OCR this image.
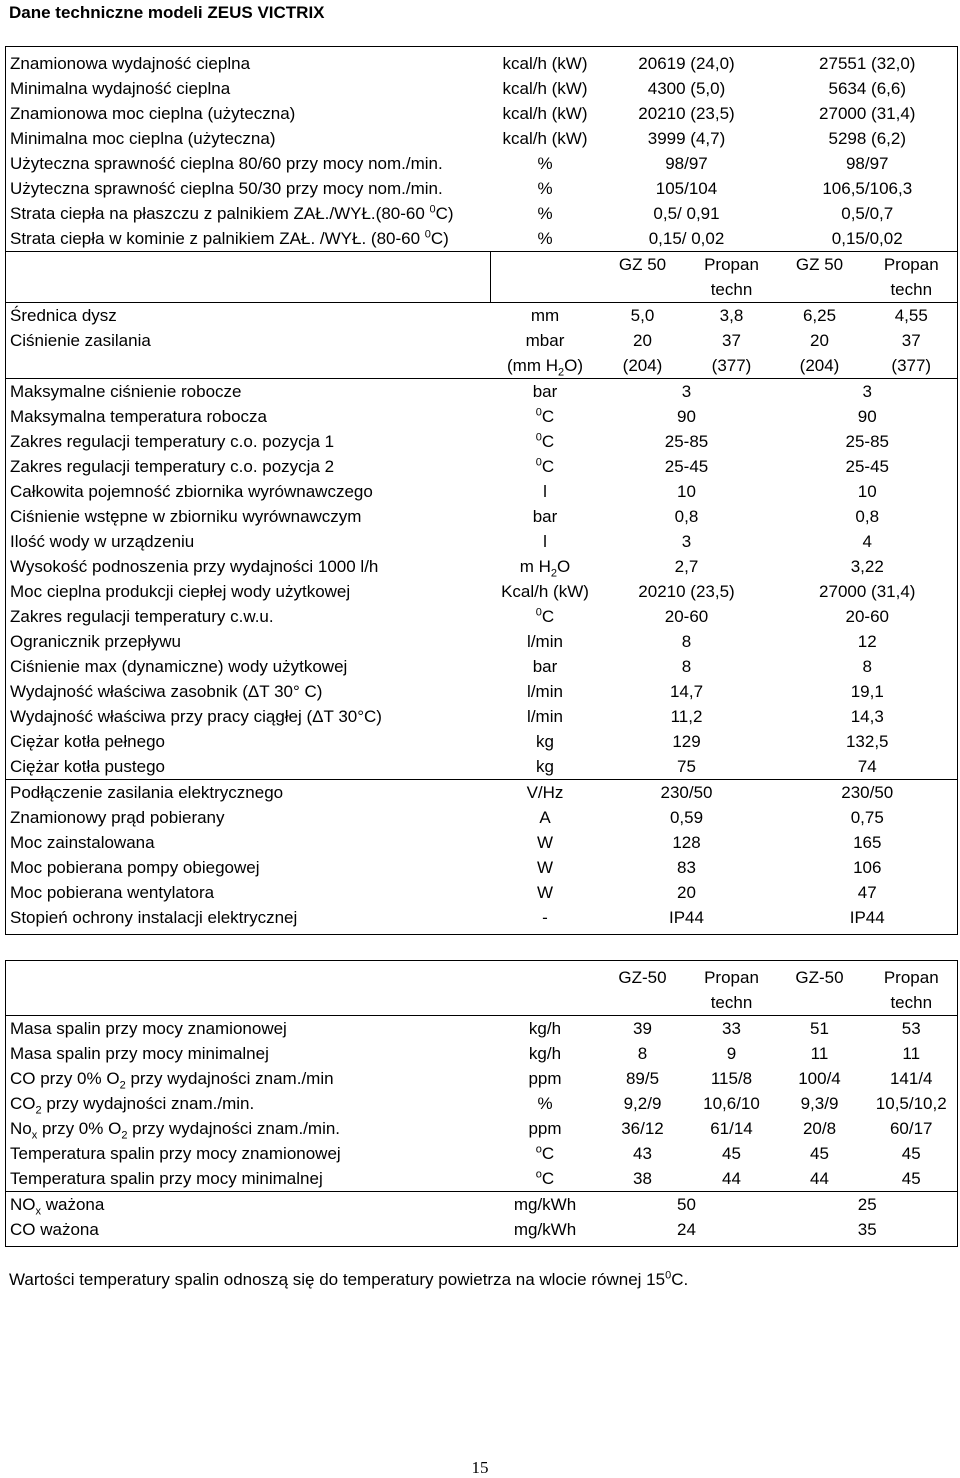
Dane techniczne modeli ZEUS VICTRIX
Znamionowa wydajność cieplna	kcal/h (kW)	20619 (24,0)		27551 (32,0)	
Minimalna wydajność cieplna	kcal/h (kW)	4300 (5,0)		5634 (6,6)	
Znamionowa moc cieplna (użyteczna)	kcal/h (kW)	20210 (23,5)		27000 (31,4)	
Minimalna moc cieplna (użyteczna)	kcal/h (kW)	3999 (4,7)		5298 (6,2)	
Użyteczna sprawność cieplna 80/60 przy mocy nom./min.	%	98/97		98/97	
Użyteczna sprawność cieplna 50/30 przy mocy nom./min.	%	105/104		106,5/106,3	
Strata ciepła na płaszczu z palnikiem ZAŁ./WYŁ.(80-60 $^0$C)	%	0,5/ 0,91		0,5/0,7	
Strata ciepła w kominie z palnikiem ZAŁ. /WYŁ. (80-60 $^0$C)	%	0,15/ 0,02		0,15/0,02	
		GZ 50	Propan	GZ 50	Propan
			techn		techn
Średnica dysz	mm	5,0	3,8	6,25	4,55
Ciśnienie zasilania	mbar	20	37	20	37
	(mm $H_2O$)	(204)	(377)	(204)	(377)
Maksymalne ciśnienie robocze	bar	3		3	
Maksymalna temperatura robocza	$^0$C	90		90	
Zakres regulacji temperatury c.o. pozycja 1	$^0$C	25-85		25-85	
Zakres regulacji temperatury c.o. pozycja 2	$^0$C	25-45		25-45	
Całkowita pojemność zbiornika wyrównawczego	l	10		10	
Ciśnienie wstępne w zbiorniku wyrównawczym	bar	0,8		0,8	
Ilość wody w urządzeniu	l	3		4	
Wysokość podnoszenia przy wydajności 1000 l/h	m $H_2O$	2,7		3,22	
Moc cieplna produkcji ciepłej wody użytkowej	Kcal/h (kW)	20210 (23,5)		27000 (31,4)	
Zakres regulacji temperatury c.w.u.	$^0$C	20-60		20-60	
Ogranicznik przepływu	l/min	8		12	
Ciśnienie max (dynamiczne) wody użytkowej	bar	8		8	
Wydajność właściwa zasobnik (ΔT 30° C)	l/min	14,7		19,1	
Wydajność właściwa przy pracy ciągłej (ΔT 30°C)	l/min	11,2		14,3	
Ciężar kotła pełnego	kg	129		132,5	
Ciężar kotła pustego	kg	75		74	
Podłączenie zasilania elektrycznego	V/Hz	230/50		230/50	
Znamionowy prąd pobierany	A	0,59		0,75	
Moc zainstalowana	W	128		165	
Moc pobierana pompy obiegowej	W	83		106	
Moc pobierana wentylatora	W	20		47	
Stopień ochrony instalacji elektrycznej	-	IP44		IP44	

		GZ-50	Propan	GZ-50	Propan
			techn		techn
Masa spalin przy mocy znamionowej	kg/h	39	33	51	53
Masa spalin przy mocy minimalnej	kg/h	8	9	11	11
CO przy 0% $O_2$ przy wydajności znam./min	ppm	89/5	115/8	100/4	141/4
$CO_2$ przy wydajności znam./min.	%	9,2/9	10,6/10	9,3/9	10,5/10,2
$No_x$ przy 0% $O_2$ przy wydajności znam./min.	ppm	36/12	61/14	20/8	60/17
Temperatura spalin przy mocy znamionowej	$^o$C	43	45	45	45
Temperatura spalin przy mocy minimalnej	$^o$C	38	44	44	45
$NO_x$ ważona	mg/kWh	50		25	
CO ważona	mg/kWh	24		35	

Wartości temperatury spalin odnoszą się do temperatury powietrza na wlocie równej $15^0C$.
15
